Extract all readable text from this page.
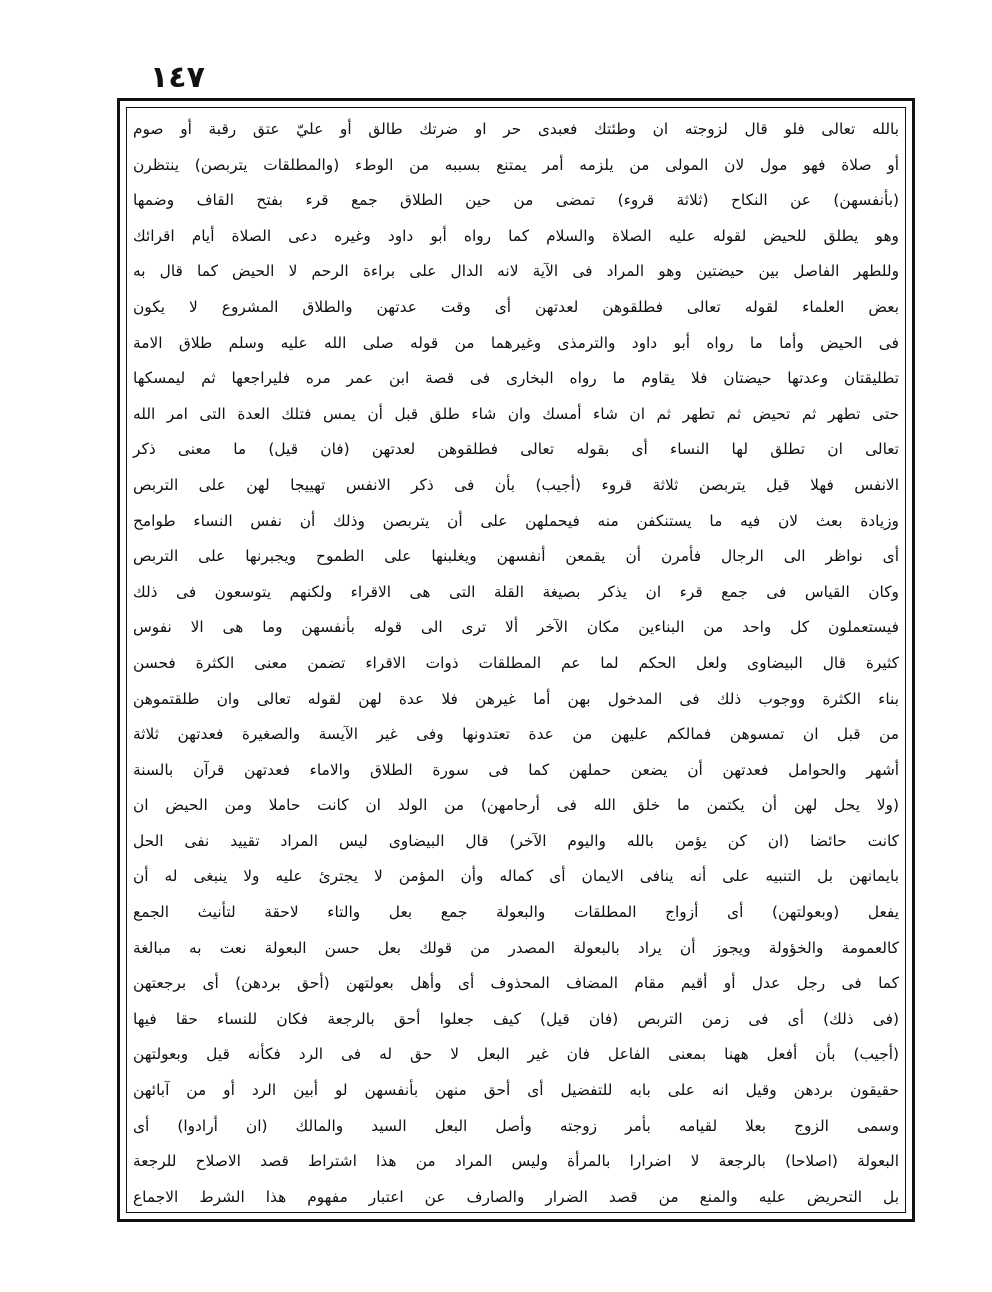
١٤٧
بالله تعالى فلو قال لزوجته ان وطئتك فعبدى حر او ضرتك طالق أو عليّ عتق رقبة أو صوم
أو صلاة فهو مول لان المولى من يلزمه أمر يمتنع بسببه من الوطء (والمطلقات يتربصن) ينتظرن
(بأنفسهن) عن النكاح (ثلاثة قروء) تمضى من حين الطلاق جمع قرء بفتح القاف وضمها
وهو يطلق للحيض لقوله عليه الصلاة والسلام كما رواه أبو داود وغيره دعى الصلاة أيام اقرائك
وللطهر الفاصل بين حيضتين وهو المراد فى الآية لانه الدال على براءة الرحم لا الحيض كما قال به
بعض العلماء لقوله تعالى فطلقوهن لعدتهن أى وقت عدتهن والطلاق المشروع لا يكون
فى الحيض وأما ما رواه أبو داود والترمذى وغيرهما من قوله صلى الله عليه وسلم طلاق الامة
تطليقتان وعدتها حيضتان فلا يقاوم ما رواه البخارى فى قصة ابن عمر مره فليراجعها ثم ليمسكها
حتى تطهر ثم تحيض ثم تطهر ثم ان شاء أمسك وان شاء طلق قبل أن يمس فتلك العدة التى امر الله
تعالى ان تطلق لها النساء أى بقوله تعالى فطلقوهن لعدتهن (فان قيل) ما معنى ذكر
الانفس فهلا قيل يتربصن ثلاثة قروء (أجيب) بأن فى ذكر الانفس تهييجا لهن على التربص
وزيادة بعث لان فيه ما يستنكفن منه فيحملهن على أن يتربصن وذلك أن نفس النساء طوامح
أى نواظر الى الرجال فأمرن أن يقمعن أنفسهن ويغلبنها على الطموح ويجبرنها على التربص
وكان القياس فى جمع قرء ان يذكر بصيغة القلة التى هى الاقراء ولكنهم يتوسعون فى ذلك
فيستعملون كل واحد من البناءين مكان الآخر ألا ترى الى قوله بأنفسهن وما هى الا نفوس
كثيرة قال البيضاوى ولعل الحكم لما عم المطلقات ذوات الاقراء تضمن معنى الكثرة فحسن
بناء الكثرة ووجوب ذلك فى المدخول بهن أما غيرهن فلا عدة لهن لقوله تعالى وان طلقتموهن
من قبل ان تمسوهن فمالكم عليهن من عدة تعتدونها وفى غير الآيسة والصغيرة فعدتهن ثلاثة
أشهر والحوامل فعدتهن أن يضعن حملهن كما فى سورة الطلاق والاماء فعدتهن قرآن بالسنة
(ولا يحل لهن أن يكتمن ما خلق الله فى أرحامهن) من الولد ان كانت حاملا ومن الحيض ان
كانت حائضا (ان كن يؤمن بالله واليوم الآخر) قال البيضاوى ليس المراد تقييد نفى الحل
بايمانهن بل التنبيه على أنه ينافى الايمان أى كماله وأن المؤمن لا يجترئ عليه ولا ينبغى له أن
يفعل (وبعولتهن) أى أزواج المطلقات والبعولة جمع بعل والتاء لاحقة لتأنيث الجمع
كالعمومة والخؤولة ويجوز أن يراد بالبعولة المصدر من قولك بعل حسن البعولة نعت به مبالغة
كما فى رجل عدل أو أقيم مقام المضاف المحذوف أى وأهل بعولتهن (أحق بردهن) أى برجعتهن
(فى ذلك) أى فى زمن التربص (فان قيل) كيف جعلوا أحق بالرجعة فكان للنساء حقا فيها
(أجيب) بأن أفعل ههنا بمعنى الفاعل فان غير البعل لا حق له فى الرد فكأنه قيل وبعولتهن
حقيقون بردهن وقيل انه على بابه للتفضيل أى أحق منهن بأنفسهن لو أبين الرد أو من آبائهن
وسمى الزوج بعلا لقيامه بأمر زوجته وأصل البعل السيد والمالك (ان أرادوا) أى
البعولة (اصلاحا) بالرجعة لا اضرارا بالمرأة وليس المراد من هذا اشتراط قصد الاصلاح للرجعة
بل التحريض عليه والمنع من قصد الضرار والصارف عن اعتبار مفهوم هذا الشرط الاجماع
